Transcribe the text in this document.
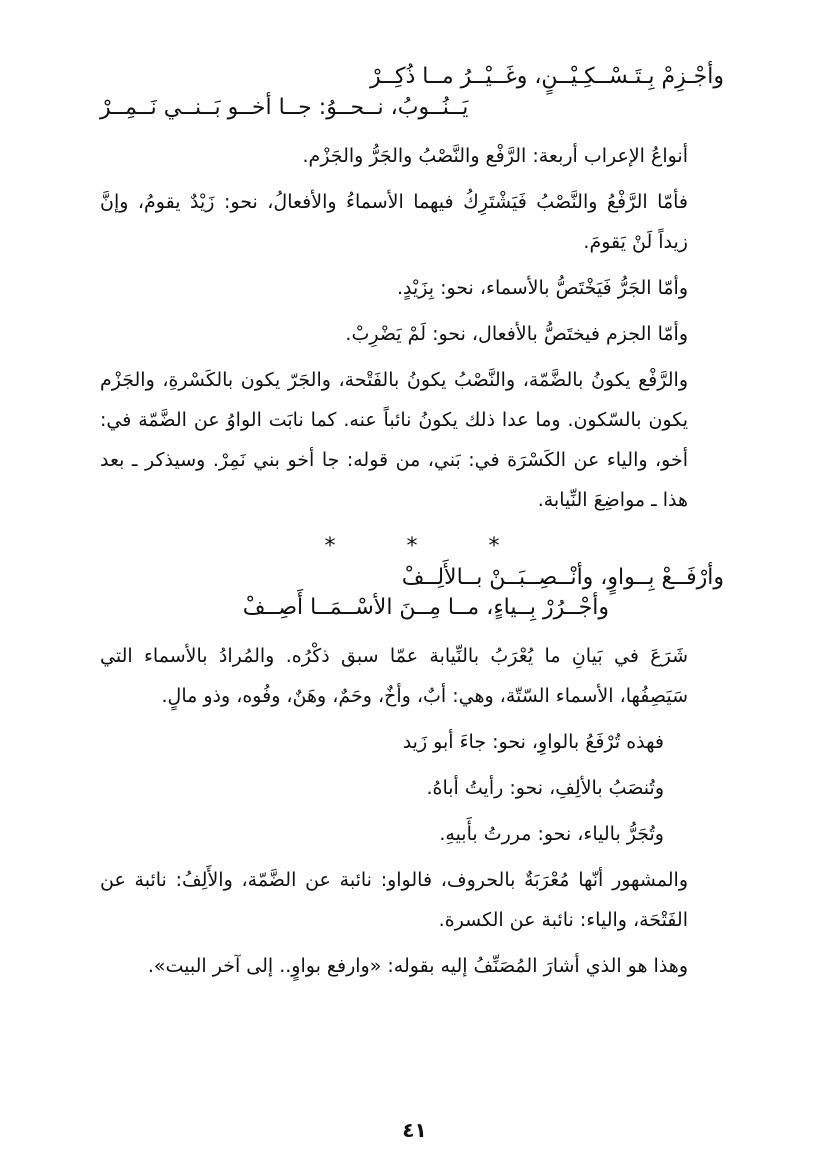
وأجْـزِمْ بِـتَـسْــكِـيْــنٍ، وغَــيْــرُ مــا ذُكِــرْ
يَــنُــوبُ، نــحــوُ: جــا أخــو بَــنــي نَــمِــرْ
أنواعُ الإعراب أربعة: الرَّفْع والنَّصْبُ والجَرُّ والجَزْم.
فأمّا الرَّفْعُ والنَّصْبُ فَيَشْتَرِكُ فيهما الأسماءُ والأفعالُ، نحو: زَيْدٌ يقومُ، وإنَّ زيداً لَنْ يَقومَ.
وأمّا الجَرُّ فَيَخْتَصُّ بالأسماء، نحو: بِزَيْدٍ.
وأمّا الجزم فيختَصُّ بالأفعال، نحو: لَمْ يَضْرِبْ.
والرَّفْع يكونُ بالضَّمّة، والنَّصْبُ يكونُ بالفَتْحة، والجَرّ يكون بالكَسْرةِ، والجَزْم يكون بالسّكون. وما عدا ذلك يكونُ نائباً عنه. كما نابَت الواوُ عن الضَّمّة في: أخو، والياء عن الكَسْرَة في: بَني، من قوله: جا أخو بني نَمِرْ. وسيذكر ـ بعد هذا ـ مواضِعَ النِّيابة.
* * *
وأرْفَــعْ بِــواوٍ، وأنْــصِــبَــنْ بــالأَلِــفْ
وأجْــرُرْ بِــياءٍ، مــا مِــنَ الأسْــمَــا أَصِــفْ
شَرَعَ في بَيانِ ما يُعْرَبُ بالنِّيابة عمّا سبق ذكْرُه. والمُرادُ بالأسماء التي سَيَصِفُها، الأسماء السّتّة، وهي: أبٌ، وأخٌ، وحَمٌ، وهَنٌ، وفُوه، وذو مالٍ.
فهذه تُرْفَعُ بالواوِ، نحو: جاءَ أبو زَيد
وتُنصَبُ بالألِفِ، نحو: رأيتُ أباهُ.
وتُجَرُّ بالياء، نحو: مررتُ بأَبيهِ.
والمشهور أنّها مُعْرَبَةٌ بالحروف، فالواو: نائبة عن الضَّمّة، والأَلِفُ: نائبة عن الفَتْحَة، والياء: نائبة عن الكسرة.
وهذا هو الذي أشارَ المُصَنِّفُ إليه بقوله: «وارفع بواوٍ.. إلى آخر البيت».
٤١
